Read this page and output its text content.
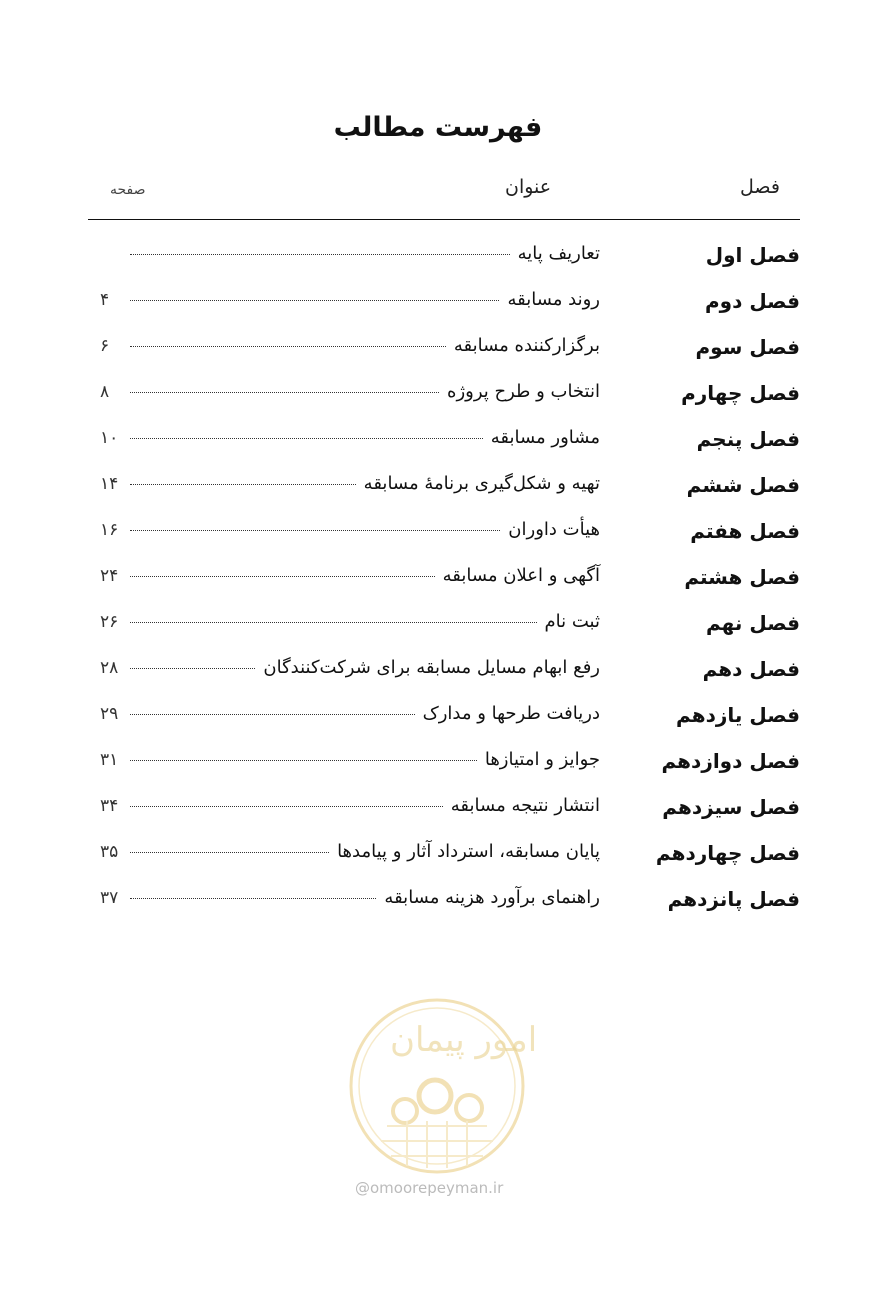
فهرست مطالب
فصل
عنوان
صفحه
فصل اول
تعاریف پایه
فصل دوم
روند مسابقه
۴
فصل سوم
برگزارکننده مسابقه
۶
فصل چهارم
انتخاب و طرح پروژه
۸
فصل پنجم
مشاور مسابقه
۱۰
فصل ششم
تهیه و شکل‌گیری برنامهٔ مسابقه
۱۴
فصل هفتم
هیأت داوران
۱۶
فصل هشتم
آگهی و اعلان مسابقه
۲۴
فصل نهم
ثبت نام
۲۶
فصل دهم
رفع ابهام مسایل مسابقه برای شرکت‌کنندگان
۲۸
فصل یازدهم
دریافت طرحها و مدارک
۲۹
فصل دوازدهم
جوایز و امتیازها
۳۱
فصل سیزدهم
انتشار نتیجه مسابقه
۳۴
فصل چهاردهم
پایان مسابقه، استرداد آثار و پیامدها
۳۵
فصل پانزدهم
راهنمای برآورد هزینه مسابقه
۳۷
امور پیمان
@omoorepeyman.ir
